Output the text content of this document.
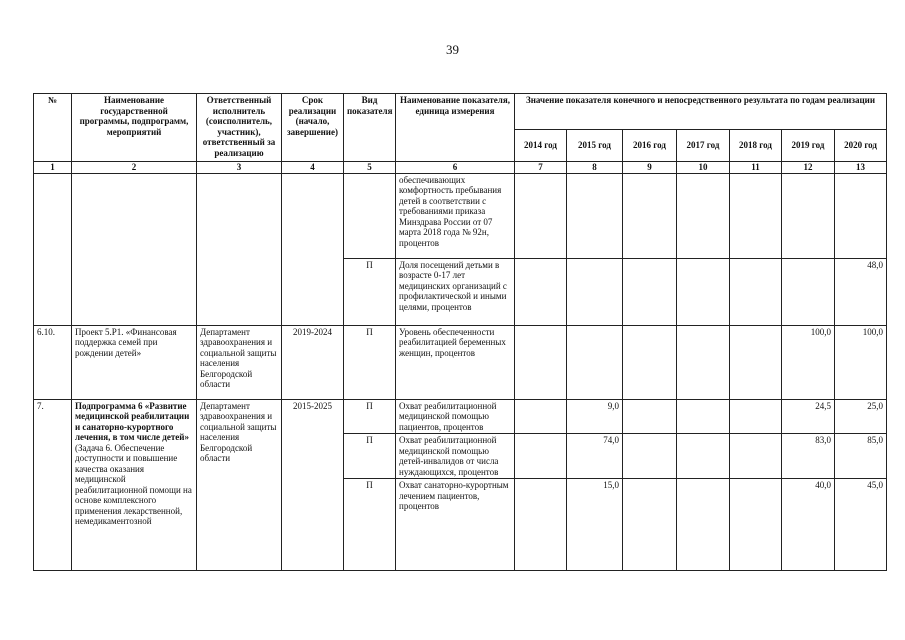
39
№	Наименование государственной программы, подпрограмм, мероприятий	Ответственный исполнитель (соисполнитель, участник), ответственный за реализацию	Срок реализации (начало, завершение)	Вид показателя	Наименование показателя, единица измерения	Значение показателя конечного и непосредственного результата по годам реализации						
						2014 год	2015 год	2016 год	2017 год	2018 год	2019 год	2020 год
1	2	3	4	5	6	7	8	9	10	11	12	13
					обеспечивающих комфортность пребывания детей в соответствии с требованиями приказа Минздрава России от 07 марта 2018 года № 92н, процентов							
				П	Доля посещений детьми в возрасте 0-17 лет медицинских организаций с профилактической и иными целями, процентов							48,0
6.10.	Проект 5.Р1. «Финансовая поддержка семей при рождении детей»	Департамент здравоохранения и социальной защиты населения Белгородской области	2019-2024	П	Уровень обеспеченности реабилитацией беременных женщин, процентов						100,0	100,0
7.	Подпрограмма 6 «Развитие медицинской реабилитации и санаторно-курортного лечения, в том числе детей»
(Задача 6. Обеспечение доступности и повышение качества оказания медицинской реабилитационной помощи на основе комплексного применения лекарственной, немедикаментозной	Департамент здравоохранения и социальной защиты населения Белгородской области	2015-2025	П	Охват реабилитационной медицинской помощью пациентов, процентов		9,0				24,5	25,0
				П	Охват реабилитационной медицинской помощью детей-инвалидов от числа нуждающихся, процентов		74,0				83,0	85,0
				П	Охват санаторно-курортным лечением пациентов, процентов		15,0				40,0	45,0
